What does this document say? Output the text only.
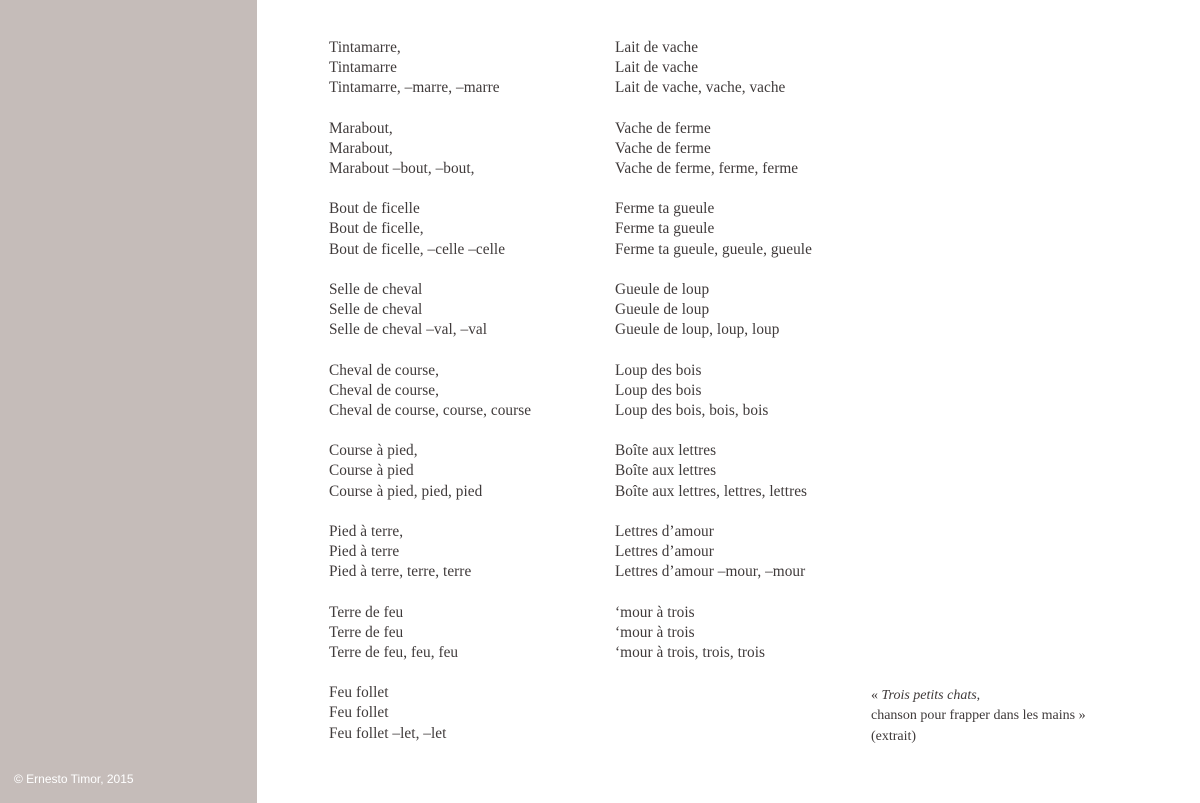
© Ernesto Timor, 2015
Tintamarre,
Tintamarre
Tintamarre, –marre, –marre
Marabout,
Marabout,
Marabout –bout, –bout,
Bout de ficelle
Bout de ficelle,
Bout de ficelle, –celle –celle
Selle de cheval
Selle de cheval
Selle de cheval –val, –val
Cheval de course,
Cheval de course,
Cheval de course, course, course
Course à pied,
Course à pied
Course à pied, pied, pied
Pied à terre,
Pied à terre
Pied à terre, terre, terre
Terre de feu
Terre de feu
Terre de feu, feu, feu
Feu follet
Feu follet
Feu follet –let, –let
Lait de vache
Lait de vache
Lait de vache, vache, vache
Vache de ferme
Vache de ferme
Vache de ferme, ferme, ferme
Ferme ta gueule
Ferme ta gueule
Ferme ta gueule, gueule, gueule
Gueule de loup
Gueule de loup
Gueule de loup, loup, loup
Loup des bois
Loup des bois
Loup des bois, bois, bois
Boîte aux lettres
Boîte aux lettres
Boîte aux lettres, lettres, lettres
Lettres d’amour
Lettres d’amour
Lettres d’amour –mour, –mour
‘mour à trois
‘mour à trois
‘mour à trois, trois, trois
« Trois petits chats,
chanson pour frapper dans les mains »
(extrait)
